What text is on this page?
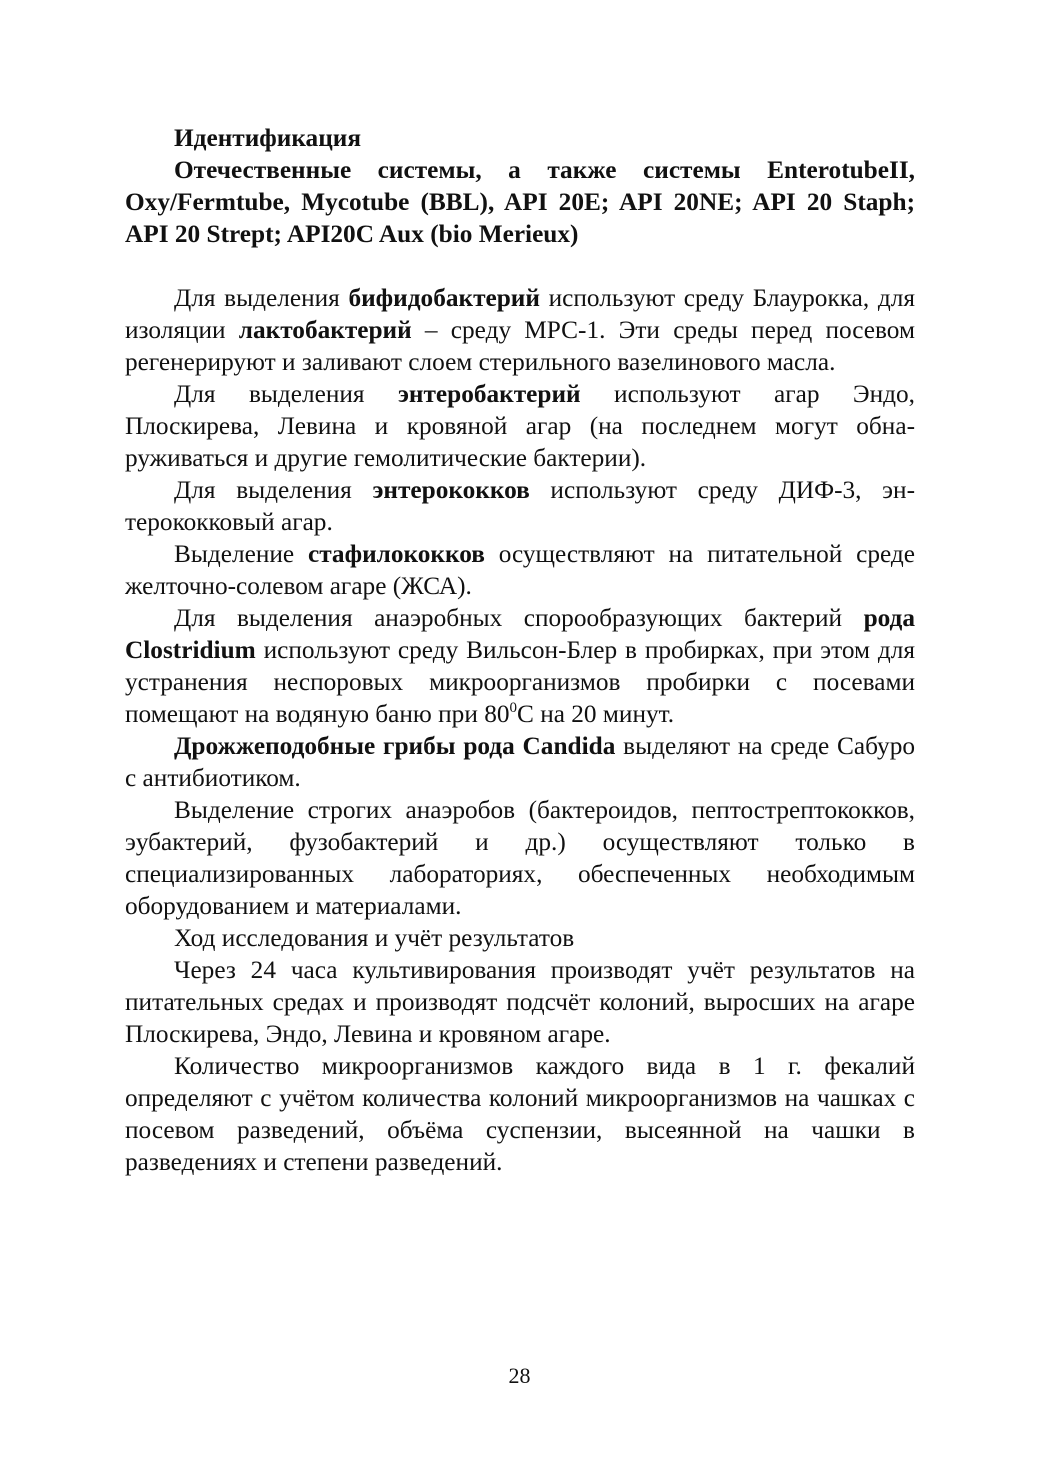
Идентификация

Отечественные системы, а также системы EnterotubeII, Oxy/Fermtube, Mycotube (BBL), API 20E; API 20NE; API 20 Staph; API 20 Strept; API20C Aux (bio Merieux)

Для выделения бифидобактерий используют среду Блаурокка, для изоляции лактобактерий – среду МРС-1. Эти среды перед посевом регенерируют и заливают слоем стерильного вазелинового масла.

Для выделения энтеробактерий используют агар Эндо, Плоскирева, Левина и кровяной агар (на последнем могут обнаруживаться и другие гемолитические бактерии).

Для выделения энтерококков используют среду ДИФ-3, энтерококковый агар.

Выделение стафилококков осуществляют на питательной среде желточно-солевом агаре (ЖСА).

Для выделения анаэробных спорообразующих бактерий рода Clostridium используют среду Вильсон-Блер в пробирках, при этом для устранения неспоровых микроорганизмов пробирки с посевами помещают на водяную баню при $80^0С$ на 20 минут.

Дрожжеподобные грибы рода Candida выделяют на среде Сабуро с антибиотиком.

Выделение строгих анаэробов (бактероидов, пептострептококков, эубактерий, фузобактерий и др.) осуществляют только в специализированных лабораториях, обеспеченных необходимым оборудованием и материалами.

Ход исследования и учёт результатов

Через 24 часа культивирования производят учёт результатов на питательных средах и производят подсчёт колоний, выросших на агаре Плоскирева, Эндо, Левина и кровяном агаре.

Количество микроорганизмов каждого вида в 1 г. фекалий определяют с учётом количества колоний микроорганизмов на чашках с посевом разведений, объёма суспензии, высеянной на чашки в разведениях и степени разведений.

28
